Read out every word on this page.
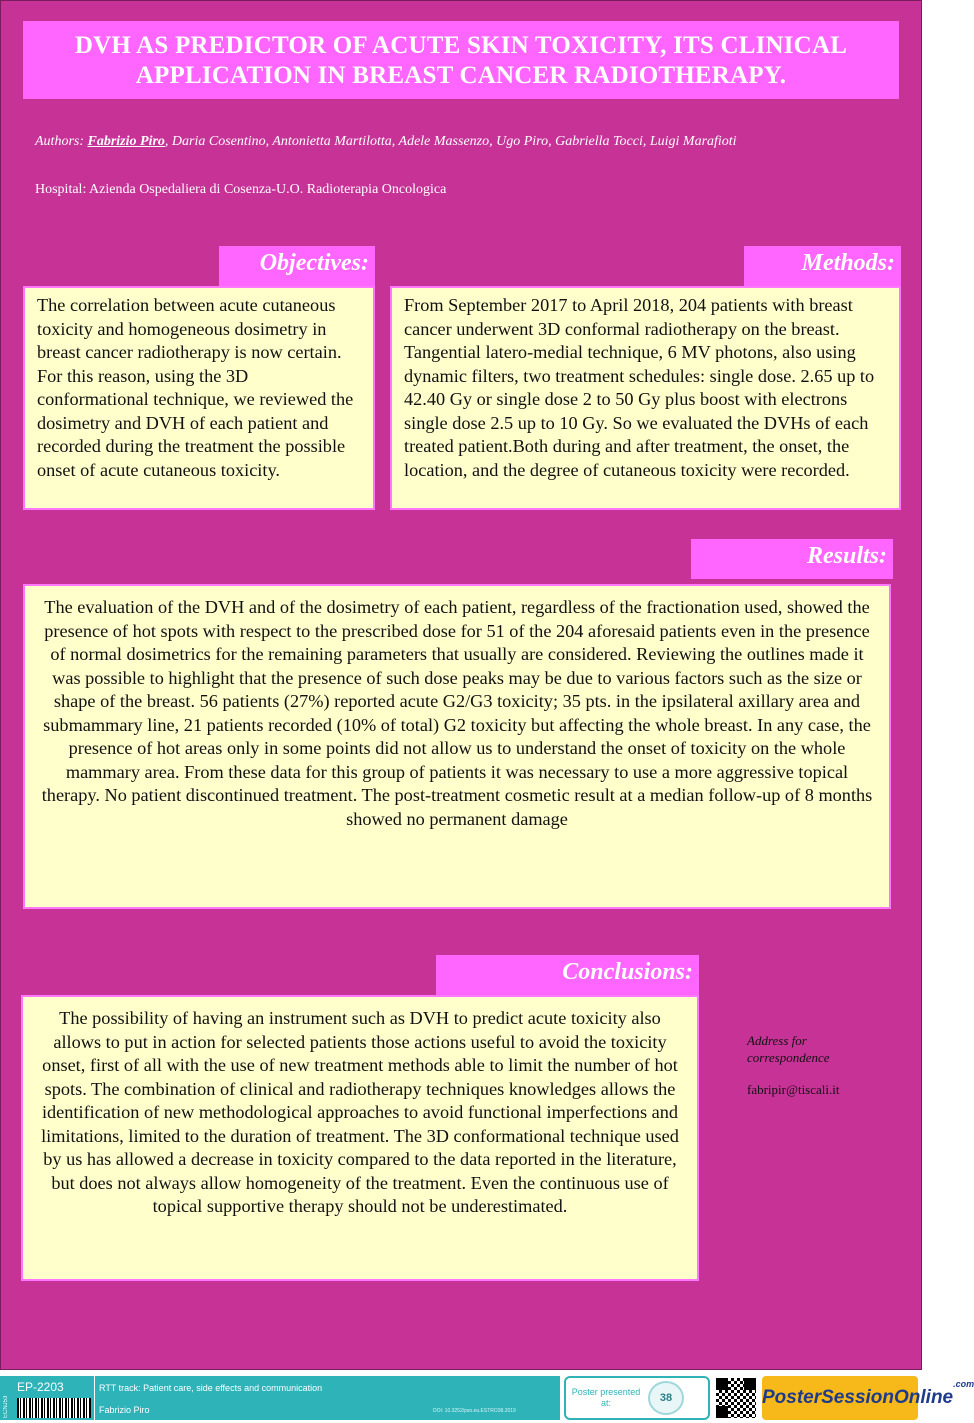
DVH AS PREDICTOR OF ACUTE SKIN TOXICITY, ITS CLINICAL APPLICATION IN BREAST CANCER RADIOTHERAPY.
Authors: Fabrizio Piro, Daria Cosentino, Antonietta Martilotta, Adele Massenzo, Ugo Piro, Gabriella Tocci, Luigi Marafioti
Hospital: Azienda Ospedaliera di Cosenza-U.O. Radioterapia Oncologica
Objectives:
The correlation between acute cutaneous toxicity and homogeneous dosimetry in breast cancer radiotherapy is now certain. For this reason, using the 3D conformational technique, we reviewed the dosimetry and DVH of each patient and recorded during the treatment the possible onset of acute cutaneous toxicity.
Methods:
From September 2017 to April 2018, 204 patients with breast cancer underwent 3D conformal radiotherapy on the breast. Tangential latero-medial technique, 6 MV photons, also using dynamic filters, two treatment schedules: single dose. 2.65 up to 42.40 Gy or single dose 2 to 50 Gy plus boost with electrons single dose 2.5 up to 10 Gy. So we evaluated the DVHs of each treated patient.Both during and after treatment, the onset, the location, and the degree of cutaneous toxicity were recorded.
Results:
The evaluation of the DVH and of the dosimetry of each patient, regardless of the fractionation used, showed the presence of hot spots with respect to the prescribed dose for 51 of the 204 aforesaid patients even in the presence of normal dosimetrics for the remaining parameters that usually are considered. Reviewing the outlines made it was possible to highlight that the presence of such dose peaks may be due to various factors such as the size or shape of the breast. 56 patients (27%) reported acute G2/G3 toxicity; 35 pts. in the ipsilateral axillary area and submammary line, 21 patients recorded (10% of total) G2 toxicity but affecting the whole breast. In any case, the presence of hot areas only in some points did not allow us to understand the onset of toxicity on the whole mammary area. From these data for this group of patients it was necessary to use a more aggressive topical therapy. No patient discontinued treatment. The post-treatment cosmetic result at a median follow-up of 8 months showed no permanent damage
Conclusions:
The possibility of having an instrument such as DVH to predict acute toxicity also allows to put in action for selected patients those actions useful to avoid the toxicity onset, first of all with the use of new treatment methods able to limit the number of hot spots. The combination of clinical and radiotherapy techniques knowledges allows the identification of new methodological approaches to avoid functional imperfections and limitations, limited to the duration of treatment. The 3D conformational technique used by us has allowed a decrease in toxicity compared to the data reported in the literature, but does not always allow homogeneity of the treatment. Even the continuous use of topical supportive therapy should not be underestimated.
Address for correspondence
fabripir@tiscali.it
ECNJ53
EP-2203	RTT track: Patient care, side effects and communication
Fabrizio Piro	DOI: 10.3252/pso.eu.ESTRO38.2019
Poster presented at:	38	PosterSessionOnline$^{.com}$
